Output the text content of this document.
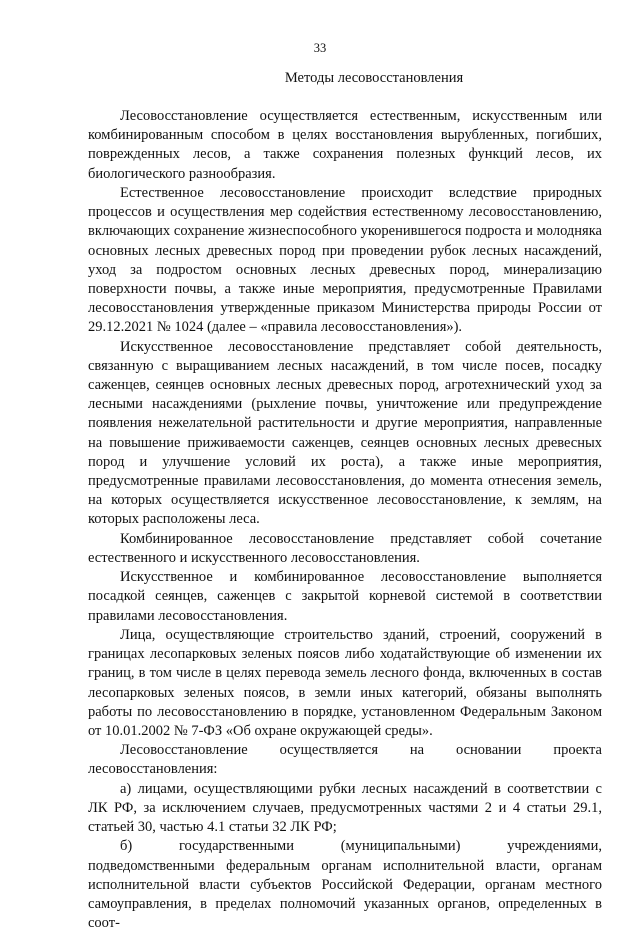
33
Методы лесовосстановления

Лесовосстановление осуществляется естественным, искусственным или комбинированным способом в целях восстановления вырубленных, погибших, поврежденных лесов, а также сохранения полезных функций лесов, их биологического разнообразия.

Естественное лесовосстановление происходит вследствие природных процессов и осуществления мер содействия естественному лесовосстановлению, включающих сохранение жизнеспособного укоренившегося подроста и молодняка основных лесных древесных пород при проведении рубок лесных насаждений, уход за подростом основных лесных древесных пород, минерализацию поверхности почвы, а также иные мероприятия, предусмотренные Правилами лесовосстановления утвержденные приказом Министерства природы России от 29.12.2021 № 1024 (далее – «правила лесовосстановления»).

Искусственное лесовосстановление представляет собой деятельность, связанную с выращиванием лесных насаждений, в том числе посев, посадку саженцев, сеянцев основных лесных древесных пород, агротехнический уход за лесными насаждениями (рыхление почвы, уничтожение или предупреждение появления нежелательной растительности и другие мероприятия, направленные на повышение приживаемости саженцев, сеянцев основных лесных древесных пород и улучшение условий их роста), а также иные мероприятия, предусмотренные правилами лесовосстановления, до момента отнесения земель, на которых осуществляется искусственное лесовосстановление, к землям, на которых расположены леса.

Комбинированное лесовосстановление представляет собой сочетание естественного и искусственного лесовосстановления.

Искусственное и комбинированное лесовосстановление выполняется посадкой сеянцев, саженцев с закрытой корневой системой в соответствии правилами лесовосстановления.

Лица, осуществляющие строительство зданий, строений, сооружений в границах лесопарковых зеленых поясов либо ходатайствующие об изменении их границ, в том числе в целях перевода земель лесного фонда, включенных в состав лесопарковых зеленых поясов, в земли иных категорий, обязаны выполнять работы по лесовосстановлению в порядке, установленном Федеральным Законом от 10.01.2002 № 7-ФЗ «Об охране окружающей среды».

Лесовосстановление осуществляется на основании проекта лесовосстановления:

а) лицами, осуществляющими рубки лесных насаждений в соответствии с ЛК РФ, за исключением случаев, предусмотренных частями 2 и 4 статьи 29.1, статьей 30, частью 4.1 статьи 32 ЛК РФ;

б) государственными (муниципальными) учреждениями, подведомственными федеральным органам исполнительной власти, органам исполнительной власти субъектов Российской Федерации, органам местного самоуправления, в пределах полномочий указанных органов, определенных в соот-
